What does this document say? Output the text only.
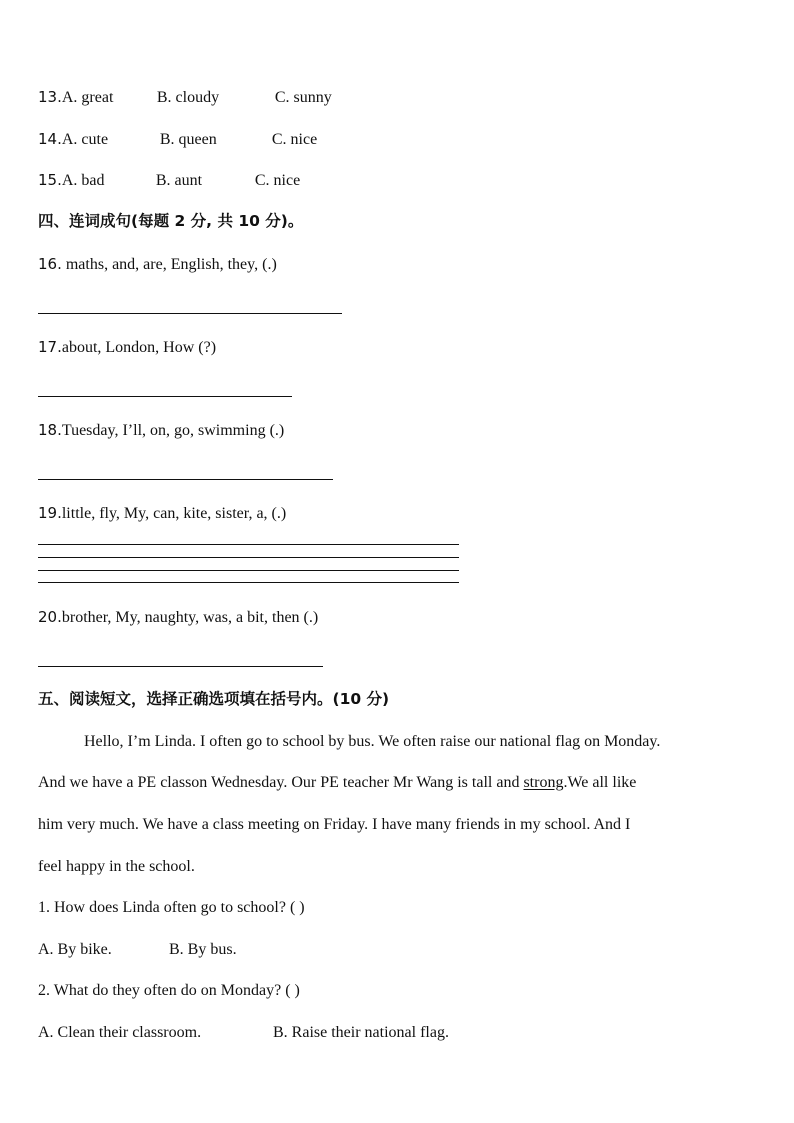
13.A. great	B. cloudy	C. sunny
14.A. cute	B. queen	C. nice
15.A. bad	B. aunt	C. nice
四、连词成句(每题 2 分, 共 10 分)。
16. maths, and, are, English, they, (.)
17.about, London, How (?)
18.Tuesday, I’ll, on, go, swimming (.)
19.little, fly, My, can, kite, sister, a, (.)
20.brother, My, naughty, was, a bit, then (.)
五、阅读短文，选择正确选项填在括号内。(10 分)
Hello, I’m Linda. I often go to school by bus. We often raise our national flag on Monday.
And we have a PE classon Wednesday. Our PE teacher Mr Wang is tall and strong.We all like
him very much. We have a class meeting on Friday. I have many friends in my school. And I
feel happy in the school.
1. How does Linda often go to school? ( )
A. By bike.	B. By bus.
2. What do they often do on Monday? ( )
A. Clean their classroom.	B. Raise their national flag.
